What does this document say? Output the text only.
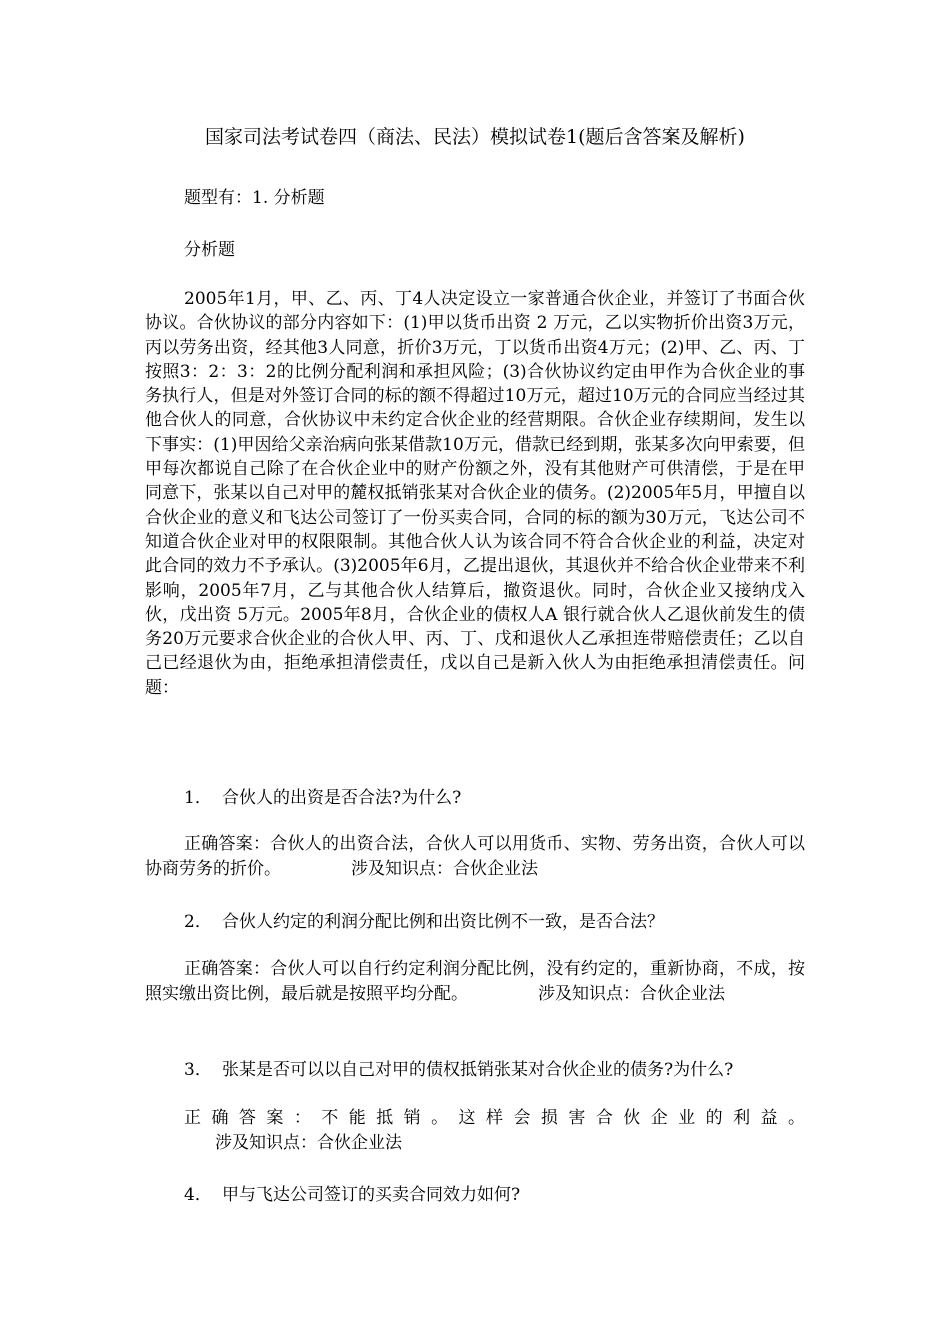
国家司法考试卷四（商法、民法）模拟试卷1(题后含答案及解析)
题型有：1. 分析题
分析题

2005年1月，甲、乙、丙、丁4人决定设立一家普通合伙企业，并签订了书面合伙协议。合伙协议的部分内容如下：(1)甲以货币出资 2 万元，乙以实物折价出资3万元，丙以劳务出资，经其他3人同意，折价3万元，丁以货币出资4万元；(2)甲、乙、丙、丁按照3：2：3：2的比例分配利润和承担风险；(3)合伙协议约定由甲作为合伙企业的事务执行人，但是对外签订合同的标的额不得超过10万元，超过10万元的合同应当经过其他合伙人的同意，合伙协议中未约定合伙企业的经营期限。合伙企业存续期间，发生以下事实：(1)甲因给父亲治病向张某借款10万元，借款已经到期，张某多次向甲索要，但甲每次都说自己除了在合伙企业中的财产份额之外，没有其他财产可供清偿，于是在甲同意下，张某以自己对甲的麓权抵销张某对合伙企业的债务。(2)2005年5月，甲擅自以合伙企业的意义和飞达公司签订了一份买卖合同，合同的标的额为30万元，飞达公司不知道合伙企业对甲的权限限制。其他合伙人认为该合同不符合合伙企业的利益，决定对此合同的效力不予承认。(3)2005年6月，乙提出退伙，其退伙并不给合伙企业带来不利影响，2005年7月，乙与其他合伙人结算后，撤资退伙。同时，合伙企业又接纳戊入伙，戊出资 5万元。2005年8月，合伙企业的债权人A 银行就合伙人乙退伙前发生的债务20万元要求合伙企业的合伙人甲、丙、丁、戊和退伙人乙承担连带赔偿责任；乙以自己已经退伙为由，拒绝承担清偿责任，戊以自己是新入伙人为由拒绝承担清偿责任。问题：

1． 合伙人的出资是否合法?为什么?

正确答案：合伙人的出资合法，合伙人可以用货币、实物、劳务出资，合伙人可以协商劳务的折价。	涉及知识点：合伙企业法

2． 合伙人约定的利润分配比例和出资比例不一致，是否合法？

正确答案：合伙人可以自行约定利润分配比例，没有约定的，重新协商，不成，按照实缴出资比例，最后就是按照平均分配。	涉及知识点：合伙企业法

3． 张某是否可以以自己对甲的债权抵销张某对合伙企业的债务?为什么?

正确答案：不能抵销。这样会损害合伙企业的利益。涉及知识点：合伙企业法

4． 甲与飞达公司签订的买卖合同效力如何?
